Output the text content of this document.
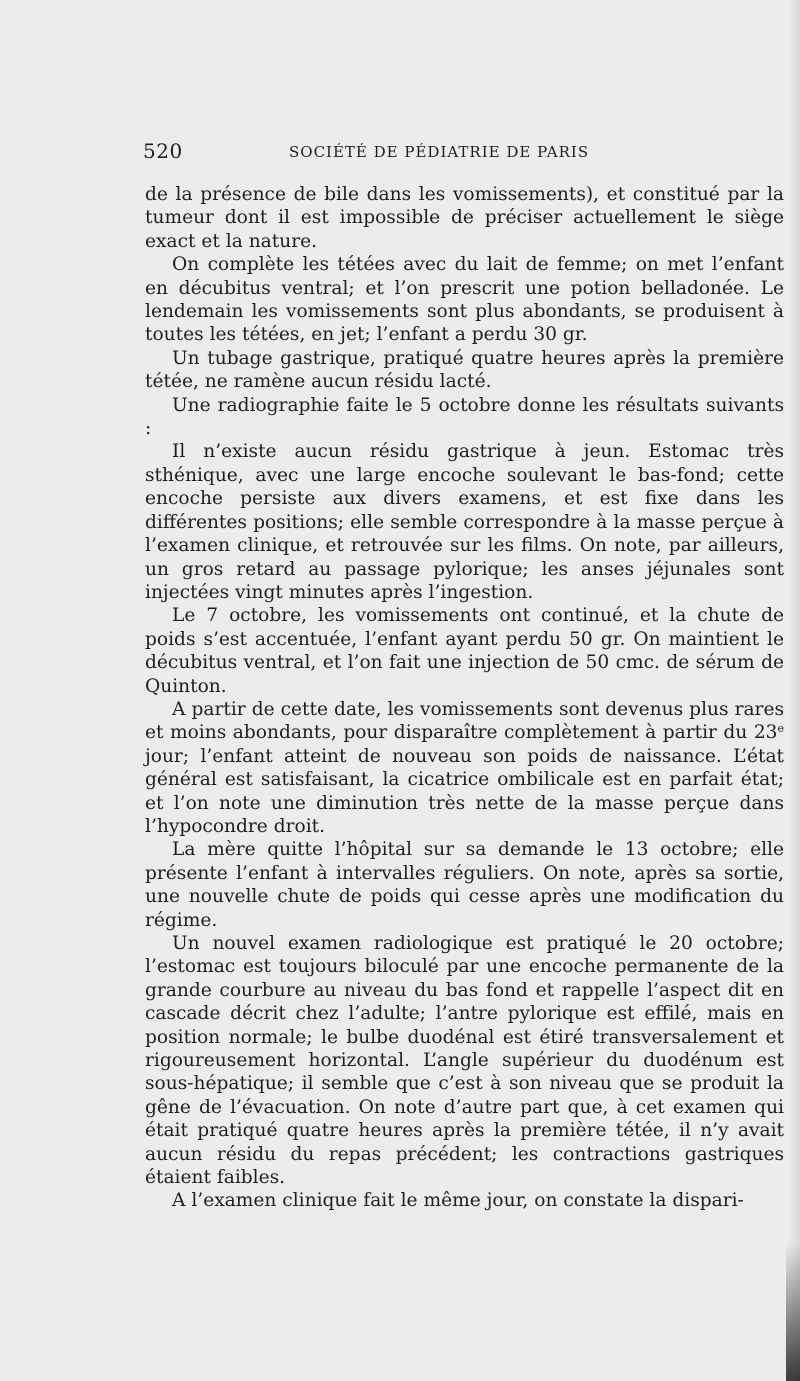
520	SOCIÉTÉ DE PÉDIATRIE DE PARIS

de la présence de bile dans les vomissements), et constitué par la tumeur dont il est impossible de préciser actuellement le siège exact et la nature.

On complète les tétées avec du lait de femme; on met l’enfant en décubitus ventral; et l’on prescrit une potion belladonée. Le lendemain les vomissements sont plus abondants, se produisent à toutes les tétées, en jet; l’enfant a perdu 30 gr.

Un tubage gastrique, pratiqué quatre heures après la première tétée, ne ramène aucun résidu lacté.

Une radiographie faite le 5 octobre donne les résultats suivants :

Il n’existe aucun résidu gastrique à jeun. Estomac très sthénique, avec une large encoche soulevant le bas-fond; cette encoche persiste aux divers examens, et est fixe dans les différentes positions; elle semble correspondre à la masse perçue à l’examen clinique, et retrouvée sur les films. On note, par ailleurs, un gros retard au passage pylorique; les anses jéjunales sont injectées vingt minutes après l’ingestion.

Le 7 octobre, les vomissements ont continué, et la chute de poids s’est accentuée, l’enfant ayant perdu 50 gr. On maintient le décubitus ventral, et l’on fait une injection de 50 cmc. de sérum de Quinton.

A partir de cette date, les vomissements sont devenus plus rares et moins abondants, pour disparaître complètement à partir du 23e jour; l’enfant atteint de nouveau son poids de naissance. L’état général est satisfaisant, la cicatrice ombilicale est en parfait état; et l’on note une diminution très nette de la masse perçue dans l’hypocondre droit.

La mère quitte l’hôpital sur sa demande le 13 octobre; elle présente l’enfant à intervalles réguliers. On note, après sa sortie, une nouvelle chute de poids qui cesse après une modification du régime.

Un nouvel examen radiologique est pratiqué le 20 octobre; l’estomac est toujours biloculé par une encoche permanente de la grande courbure au niveau du bas fond et rappelle l’aspect dit en cascade décrit chez l’adulte; l’antre pylorique est effilé, mais en position normale; le bulbe duodénal est étiré transversalement et rigoureusement horizontal. L’angle supérieur du duodénum est sous-hépatique; il semble que c’est à son niveau que se produit la gêne de l’évacuation. On note d’autre part que, à cet examen qui était pratiqué quatre heures après la première tétée, il n’y avait aucun résidu du repas précédent; les contractions gastriques étaient faibles.

A l’examen clinique fait le même jour, on constate la dispari-
